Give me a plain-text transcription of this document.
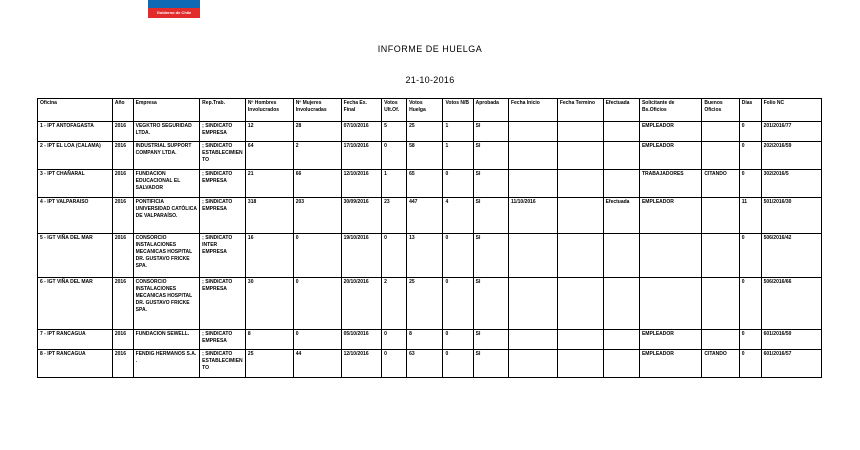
Gobierno de Chile
INFORME DE HUELGA
21-10-2016
Oficina	Año	Empresa	Rep.Trab.	Nº Hombres Involucrados	Nº Mujeres Involucradas	Fecha Ex. Final	Votos Ult.Of.	Votos Huelga	Votos N/B	Aprobada	Fecha Inicio	Fecha Termino	Efectuada	Solicitante de Bs.Oficios	Buenos Oficios	Días	Folio NC
1 - IPT ANTOFAGASTA	2016	VEGKTRO SEGURIDAD LTDA.	; SINDICATO EMPRESA	12	28	07/10/2016	5	25	1	SI				EMPLEADOR		0	201/2016/77
2 - IPT EL LOA (CALAMA)	2016	INDUSTRIAL SUPPORT COMPANY LTDA.	; SINDICATO ESTABLECIMIENTO	64	2	17/10/2016	0	58	1	SI				EMPLEADOR		0	202/2016/59
3 - IPT CHAÑARAL	2016	FUNDACION EDUCACIONAL EL SALVADOR	; SINDICATO EMPRESA	21	66	12/10/2016	1	65	0	SI				TRABAJADORES	CITANDO	0	302/2016/5
4 - IPT VALPARAISO	2016	PONTIFICIA UNIVERSIDAD CATÓLICA DE VALPARAÍSO.	; SINDICATO EMPRESA	318	203	30/09/2016	23	447	4	SI	11/10/2016		Efectuada	EMPLEADOR		11	501/2016/30
5 - IGT VIÑA DEL MAR	2016	CONSORCIO INSTALACIONES MECANICAS HOSPITAL DR. GUSTAVO FRICKE SPA.	; SINDICATO INTER EMPRESA	16	0	19/10/2016	0	13	0	SI						0	506/2016/42
6 - IGT VIÑA DEL MAR	2016	CONSORCIO INSTALACIONES MECANICAS HOSPITAL DR. GUSTAVO FRICKE SPA.	; SINDICATO EMPRESA	30	0	20/10/2016	2	25	0	SI						0	506/2016/66
7 - IPT RANCAGUA	2016	FUNDACION SEWELL.	; SINDICATO EMPRESA	8	0	05/10/2016	0	8	0	SI				EMPLEADOR		0	601/2016/50
8 - IPT RANCAGUA	2016	FENDIG HERMANOS S.A. .	; SINDICATO ESTABLECIMIENTO	25	44	12/10/2016	0	63	0	SI				EMPLEADOR	CITANDO	0	601/2016/57
